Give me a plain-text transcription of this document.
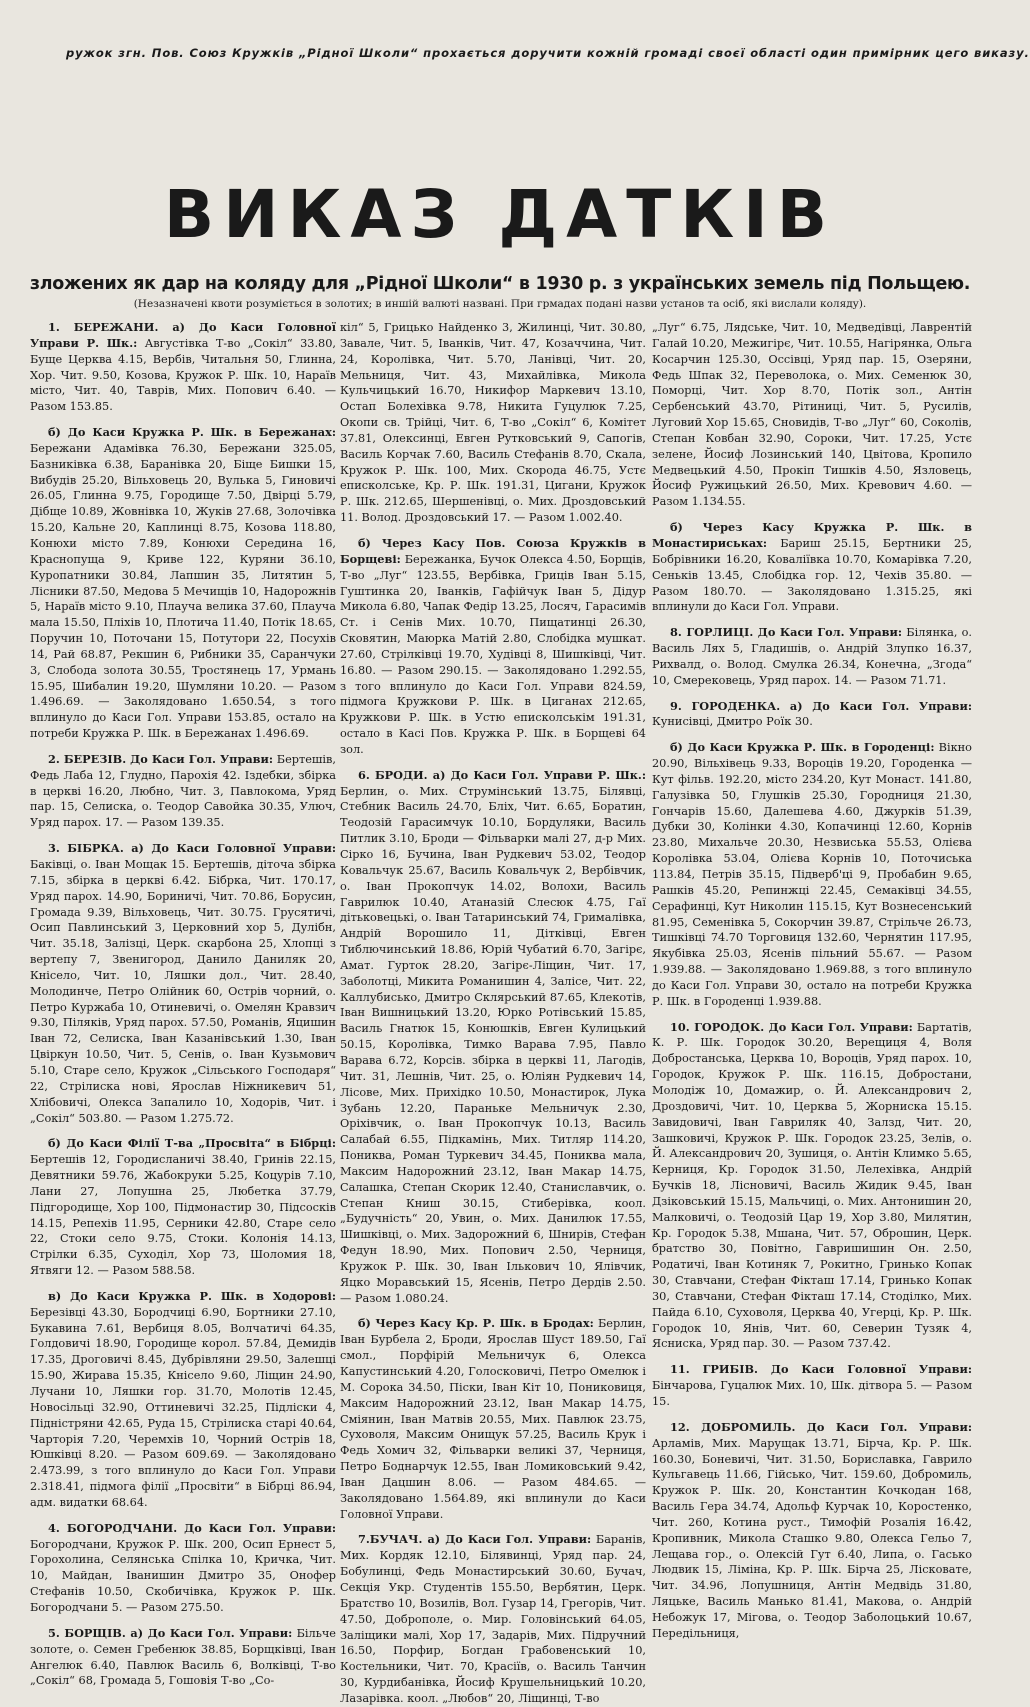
ружок згн. Пов. Союз Кружків „Рідної Школи“ прохається доручити кожній громаді своєї області один примірник цего виказу.
ВИКАЗ ДАТКІВ
зложених як дар на коляду для „Рідної Школи“ в 1930 р. з українських земель під Польщею.
(Незазначені квоти розуміється в золотих; в иншій валюті названі. При грмадах подані назви установ та осіб, які вислали коляду).

1. БЕРЕЖАНИ. а) До Каси Головної Управи Р. Шк.: Августівка Т-во „Сокіл“ 33.80, Буще Церква 4.15, Вербів, Читальня 50, Глинна, Хор. Чит. 9.50, Козова, Кружок Р. Шк. 10, Нараїв місто, Чит. 40, Таврів, Мих. Попович 6.40. — Разом 153.85.

б) До Каси Кружка Р. Шк. в Бережанах: Бережани Адамівка 76.30, Бережани 325.05, Базниківка 6.38, Баранівка 20, Біще Бишки 15, Вибудів 25.20, Вільховець 20, Вулька 5, Гиновичі 26.05, Глинна 9.75, Городище 7.50, Двірці 5.79, Дібще 10.89, Жовнівка 10, Жуків 27.68, Золочівка 15.20, Кальне 20, Каплинці 8.75, Козова 118.80, Конюхи місто 7.89, Конюхи Середина 16, Краснопуща 9, Криве 122, Куряни 36.10, Куропатники 30.84, Лапшин 35, Литятин 5, Лісники 87.50, Медова 5 Мечищів 10, Надорожнів 5, Нараїв місто 9.10, Плауча велика 37.60, Плауча мала 15.50, Пліхів 10, Плотича 11.40, Потік 18.65, Поручин 10, Поточани 15, Потутори 22, Посухів 14, Рай 68.87, Рекшин 6, Рибники 35, Саранчуки 3, Слобода золота 30.55, Тростянець 17, Урмань 15.95, Шибалин 19.20, Шумляни 10.20. — Разом 1.496.69. — Заколядовано 1.650.54, з того вплинуло до Каси Гол. Управи 153.85, остало на потреби Кружка Р. Шк. в Бережанах 1.496.69.

2. БЕРЕЗІВ. До Каси Гол. Управи: Бертешів, Федь Лаба 12, Глудно, Парохія 42. Іздебки, збірка в церкві 16.20, Любно, Чит. 3, Павлокома, Уряд пар. 15, Селиска, о. Теодор Савойка 30.35, Улюч, Уряд парох. 17. — Разом 139.35.

3. БІБРКА. а) До Каси Головної Управи: Баківці, о. Іван Мощак 15. Бертешів, діточа збірка 7.15, збірка в церкві 6.42. Бібрка, Чит. 170.17, Уряд парох. 14.90, Бориничі, Чит. 70.86, Борусин, Громада 9.39, Вільховець, Чит. 30.75. Грусятичі, Осип Павлинський 3, Церковний хор 5, Дулібн, Чит. 35.18, Залізці, Церк. скарбона 25, Хлопці з вертепу 7, Звенигород, Данило Даниляк 20, Кнісело, Чит. 10, Ляшки дол., Чит. 28.40, Молодинче, Петро Олійник 60, Острів чорний, о. Петро Куржаба 10, Отиневичі, о. Омелян Кравзич 9.30, Піляків, Уряд парох. 57.50, Романів, Яцишин Іван 72, Селиска, Іван Казанівський 1.30, Іван Цвіркун 10.50, Чит. 5, Сенів, о. Іван Кузьмович 5.10, Старе село, Кружок „Сільського Господаря“ 22, Стрілиска нові, Ярослав Ніжникевич 51, Хлібовичі, Олекса Запалило 10, Ходорів, Чит. і „Сокіл“ 503.80. — Разом 1.275.72.

б) До Каси Філії Т-ва „Просвіта“ в Бібрці: Бертешів 12, Городисланичі 38.40, Гринів 22.15, Девятники 59.76, Жабокруки 5.25, Коцурів 7.10, Лани 27, Лопушна 25, Любетка 37.79, Підгородище, Хор 100, Підмонастир 30, Підсосків 14.15, Репехів 11.95, Серники 42.80, Старе село 22, Стоки село 9.75, Стоки. Колонія 14.13, Стрілки 6.35, Суходіл, Хор 73, Шоломия 18, Ятвяги 12. — Разом 588.58.

в) До Каси Кружка Р. Шк. в Ходорові: Березівці 43.30, Бородчиці 6.90, Бортники 27.10, Букавина 7.61, Вербиця 8.05, Волчатичі 64.35, Голдовичі 18.90, Городище корол. 57.84, Демидів 17.35, Дроговичі 8.45, Дубрівляни 29.50, Залешці 15.90, Жирава 15.35, Кнісело 9.60, Ліщин 24.90, Лучани 10, Ляшки гор. 31.70, Молотів 12.45, Новосільці 32.90, Оттиневичі 32.25, Підліски 4, Підністряни 42.65, Руда 15, Стрілиска старі 40.64, Чарторія 7.20, Черемхів 10, Чорний Острів 18, Юшківці 8.20. — Разом 609.69. — Заколядовано 2.473.99, з того вплинуло до Каси Гол. Управи 2.318.41, підмога філії „Просвіти“ в Бібрці 86.94, адм. видатки 68.64.

4. БОГОРОДЧАНИ. До Каси Гол. Управи: Богородчани, Кружок Р. Шк. 200, Осип Ернест 5, Горохолина, Селянська Спілка 10, Кричка, Чит. 10, Майдан, Іванишин Дмитро 35, Онофер Стефанів 10.50, Скобичівка, Кружок Р. Шк. Богородчани 5. — Разом 275.50.

5. БОРЩІВ. а) До Каси Гол. Управи: Більче золоте, о. Семен Гребенюк 38.85, Борщківці, Іван Ангелюк 6.40, Павлюк Василь 6, Волківці, Т-во „Сокіл“ 68, Громада 5, Гошовія Т-во „Со-

кіл“ 5, Грицько Найденко 3, Жилинці, Чит. 30.80, Завале, Чит. 5, Іванків, Чит. 47, Козаччина, Чит. 24, Королівка, Чит. 5.70, Ланівці, Чит. 20, Мельниця, Чит. 43, Михайлівка, Микола Кульчицький 16.70, Никифор Маркевич 13.10, Остап Болехівка 9.78, Никита Гуцулюк 7.25, Окопи св. Трійці, Чит. 6, Т-во „Сокіл“ 6, Комітет 37.81, Олексинці, Евген Рутковський 9, Сапогів, Василь Корчак 7.60, Василь Стефанів 8.70, Скала, Кружок Р. Шк. 100, Мих. Скорода 46.75, Устє еписколське, Кр. Р. Шк. 191.31, Цигани, Кружок Р. Шк. 212.65, Шершенівці, о. Мих. Дроздовський 11. Волод. Дроздовський 17. — Разом 1.002.40.

б) Через Касу Пов. Союза Кружків в Борщеві: Бережанка, Бучок Олекса 4.50, Борщів, Т-во „Луг“ 123.55, Вербівка, Гриців Іван 5.15, Гуштинка 20, Іванків, Гафійчук Іван 5, Дідур Микола 6.80, Чапак Федір 13.25, Лосяч, Гарасимів Ст. і Сенів Мих. 10.70, Пищатинці 26.30, Сковятин, Маюрка Матій 2.80, Слобідка мушкат. 27.60, Стрілківці 19.70, Худівці 8, Шишківці, Чит. 16.80. — Разом 290.15. — Заколядовано 1.292.55, з того вплинуло до Каси Гол. Управи 824.59, підмога Кружкови Р. Шк. в Циганах 212.65, Кружкови Р. Шк. в Устю еписколськім 191.31, остало в Касі Пов. Кружка Р. Шк. в Борщеві 64 зол.

6. БРОДИ. а) До Каси Гол. Управи Р. Шк.: Берлин, о. Мих. Струмінський 13.75, Білявці, Стебник Василь 24.70, Бліх, Чит. 6.65, Боратин, Теодозій Гарасимчук 10.10, Бордуляки, Василь Питлик 3.10, Броди — Фільварки малі 27, д-р Мих. Сірко 16, Бучина, Іван Рудкевич 53.02, Теодор Ковальчук 25.67, Василь Ковальчук 2, Вербівчик, о. Іван Прокопчук 14.02, Волохи, Василь Гаврилюк 10.40, Атаназій Слесюк 4.75, Гаї дітьковецькі, о. Іван Татаринський 74, Грималівка, Андрій Ворошило 11, Дітківці, Евген Тиблючинський 18.86, Юрій Чубатий 6.70, Загірє, Амат. Гурток 28.20, Загірє-Ліщин, Чит. 17, Заболотці, Микита Романишин 4, Залісе, Чит. 22, Каллубисько, Дмитро Склярський 87.65, Клекотів, Іван Вишницький 13.20, Юрко Ротівський 15.85, Василь Гнатюк 15, Конюшків, Евген Кулицький 50.15, Королівка, Тимко Варава 7.95, Павло Варава 6.72, Корсів. збірка в церкві 11, Лагодів, Чит. 31, Лешнів, Чит. 25, о. Юліян Рудкевич 14, Лісове, Мих. Прихідко 10.50, Монастирок, Лука Зубань 12.20, Параньке Мельничук 2.30, Оріхівчик, о. Іван Прокопчук 10.13, Василь Салабай 6.55, Підкамінь, Мих. Титляр 114.20, Пониква, Роман Туркевич 34.45, Пониква мала, Максим Надорожний 23.12, Іван Макар 14.75, Салашка, Степан Скорик 12.40, Станиславчик, о. Степан Книш 30.15, Стиберівка, коол. „Будучність“ 20, Увин, о. Мих. Данилюк 17.55, Шишківці, о. Мих. Задорожний 6, Шнирів, Стефан Федун 18.90, Мих. Попович 2.50, Черниця, Кружок Р. Шк. 30, Іван Ількович 10, Ялівчик, Яцко Моравський 15, Ясенів, Петро Дердів 2.50. — Разом 1.080.24.

б) Через Касу Кр. Р. Шк. в Бродах: Берлин, Іван Бурбела 2, Броди, Ярослав Шуст 189.50, Гаї смол., Порфірій Мельничук 6, Олекса Капустинський 4.20, Голосковичі, Петро Омелюк і М. Сорока 34.50, Піски, Іван Кіт 10, Пониковиця, Максим Надорожний 23.12, Іван Макар 14.75, Сміянин, Іван Матвів 20.55, Мих. Павлюк 23.75, Суховоля, Максим Онищук 57.25, Василь Крук і Федь Хомич 32, Фільварки великі 37, Черниця, Петро Боднарчук 12.55, Іван Ломиковський 9.42, Іван Дацшин 8.06. — Разом 484.65. — Заколядовано 1.564.89, які вплинули до Каси Головної Управи.

7.БУЧАЧ. а) До Каси Гол. Управи: Баранів, Мих. Кордяк 12.10, Білявинці, Уряд пар. 24, Бобулинці, Федь Монастирський 30.60, Бучач, Секція Укр. Студентів 155.50, Вербятин, Церк. Братство 10, Возилів, Вол. Гузар 14, Грегорів, Чит. 47.50, Доброполе, о. Мир. Головінський 64.05, Заліщики малі, Хор 17, Задарів, Мих. Підручний 16.50, Порфир, Богдан Грабовенський 10, Костельники, Чит. 70, Красіїв, о. Василь Танчин 30, Курдибанівка, Йосиф Крушельницький 10.20, Лазарівка. коол. „Любов“ 20, Ліщинці, Т-во

„Луг“ 6.75, Лядське, Чит. 10, Медведівці, Лаврентій Галай 10.20, Межигірє, Чит. 10.55, Нагірянка, Ольга Косарчин 125.30, Оссівці, Уряд пар. 15, Озеряни, Федь Шпак 32, Переволока, о. Мих. Семенюк 30, Поморці, Чит. Хор 8.70, Потік зол., Антін Сербенський 43.70, Рітиниці, Чит. 5, Русилів, Луговий Хор 15.65, Сновидів, Т-во „Луг“ 60, Соколів, Степан Ковбан 32.90, Сороки, Чит. 17.25, Устє зелене, Йосиф Лозинський 140, Цвітова, Кропило Медвецький 4.50, Прокіп Тишків 4.50, Язловець, Йосиф Ружицький 26.50, Мих. Кревович 4.60. — Разом 1.134.55.

б) Через Касу Кружка Р. Шк. в Монастириськах: Бариш 25.15, Бертники 25, Бобрівники 16.20, Коваліївка 10.70, Комарівка 7.20, Сеньків 13.45, Слобідка гор. 12, Чехів 35.80. — Разом 180.70. — Заколядовано 1.315.25, які вплинули до Каси Гол. Управи.

8. ГОРЛИЦІ. До Каси Гол. Управи: Білянка, о. Василь Лях 5, Гладишів, о. Андрій Злупко 16.37, Рихвалд, о. Волод. Смулка 26.34, Конечна, „Згода“ 10, Смерековець, Уряд парох. 14. — Разом 71.71.

9. ГОРОДЕНКА. а) До Каси Гол. Управи: Кунисівці, Дмитро Роїк 30.

б) До Каси Кружка Р. Шк. в Городенці: Вікно 20.90, Вільхівець 9.33, Вороців 19.20, Городенка — Кут фільв. 192.20, місто 234.20, Кут Монаст. 141.80, Галузівка 50, Глушків 25.30, Городниця 21.30, Гончарів 15.60, Далешева 4.60, Джурків 51.39, Дубки 30, Колінки 4.30, Копачинці 12.60, Корнів 23.80, Михальче 20.30, Незвиська 55.53, Олієва Королівка 53.04, Олієва Корнів 10, Поточиська 113.84, Петрів 35.15, Підверб'ці 9, Пробабин 9.65, Рашків 45.20, Репинжці 22.45, Семаківці 34.55, Серафинці, Кут Николин 115.15, Кут Вознесенський 81.95, Семенівка 5, Сокорчин 39.87, Стрільче 26.73, Тишківці 74.70 Торговиця 132.60, Чернятин 117.95, Якубівка 25.03, Ясенів пільний 55.67. — Разом 1.939.88. — Заколядовано 1.969.88, з того вплинуло до Каси Гол. Управи 30, остало на потреби Кружка Р. Шк. в Городенці 1.939.88.

10. ГОРОДОК. До Каси Гол. Управи: Бартатів, К. Р. Шк. Городок 30.20, Верещиця 4, Воля Добростанська, Церква 10, Вороців, Уряд парох. 10, Городок, Кружок Р. Шк. 116.15, Добростани, Молодіж 10, Домажир, о. Й. Александрович 2, Дроздовичі, Чит. 10, Церква 5, Жорниска 15.15. Завидовичі, Іван Гавриляк 40, Залзд, Чит. 20, Зашковичі, Кружок Р. Шк. Городок 23.25, Зелів, о. Й. Александрович 20, Зушиця, о. Антін Климко 5.65, Керниця, Кр. Городок 31.50, Лелехівка, Андрій Бучків 18, Лісновичі, Василь Жидик 9.45, Іван Дзіковський 15.15, Мальчиці, о. Мих. Антонишин 20, Малковичі, о. Теодозій Цар 19, Хор 3.80, Милятин, Кр. Городок 5.38, Мшана, Чит. 57, Оброшин, Церк. братство 30, Повітно, Гавришишин Он. 2.50, Родатичі, Іван Котиняк 7, Рокитно, Гринько Копак 30, Ставчани, Стефан Фікташ 17.14, Гринько Копак 30, Ставчани, Стефан Фікташ 17.14, Стоділко, Мих. Пайда 6.10, Суховоля, Церква 40, Угерці, Кр. Р. Шк. Городок 10, Янів, Чит. 60, Северин Тузяк 4, Ясниска, Уряд пар. 30. — Разом 737.42.

11. ГРИБІВ. До Каси Головної Управи: Бінчарова, Гуцалюк Мих. 10, Шк. дітвора 5. — Разом 15.

12. ДОБРОМИЛЬ. До Каси Гол. Управи: Арламів, Мих. Марущак 13.71, Бірча, Кр. Р. Шк. 160.30, Боневичі, Чит. 31.50, Бориславка, Гаврило Кульгавець 11.66, Гійсько, Чит. 159.60, Добромиль, Кружок Р. Шк. 20, Константин Кочкодан 168, Василь Гера 34.74, Адольф Курчак 10, Коростенко, Чит. 260, Котина руст., Тимофій Розалія 16.42, Кропивник, Микола Сташко 9.80, Олекса Гельо 7, Лещава гор., о. Олексій Гут 6.40, Липа, о. Гасько Людвик 15, Ліміна, Кр. Р. Шк. Бірча 25, Лісковате, Чит. 34.96, Лопушниця, Антін Медвідь 31.80, Ляцьке, Василь Манько 81.41, Макова, о. Андрій Небожук 17, Мігова, о. Теодор Заболоцький 10.67, Передільниця,
